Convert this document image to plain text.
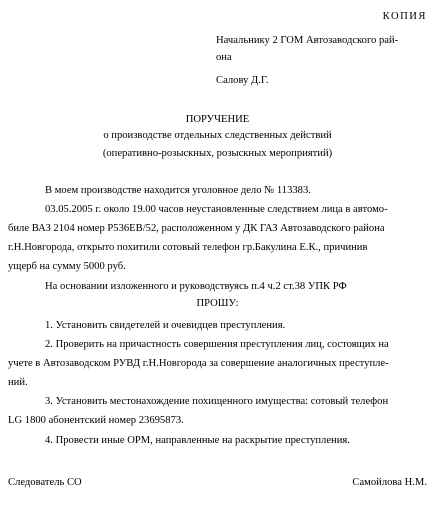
КОПИЯ
Начальнику 2 ГОМ Автозаводского рай-
она
Салову Д.Г.
ПОРУЧЕНИЕ
о производстве отдельных следственных действий
(оперативно-розыскных, розыскных мероприятий)
В моем производстве находится уголовное дело № 113383.
03.05.2005 г. около 19.00 часов неустановленные следствием лица в автомо-
биле ВАЗ 2104 номер Р536ЕВ/52, расположенном у ДК ГАЗ Автозаводского района
г.Н.Новгорода, открыто похитили сотовый телефон гр.Бакулина Е.К., причинив
ущерб на сумму 5000 руб.
На основании изложенного и руководствуясь п.4 ч.2 ст.38 УПК РФ
ПРОШУ:
1. Установить свидетелей и очевидцев преступления.
2. Проверить на причастность совершения преступления лиц, состоящих на
учете в Автозаводском РУВД г.Н.Новгорода за совершение аналогичных преступле-
ний.
3. Установить местонахождение похищенного имущества: сотовый телефон
LG 1800 абонентский номер 23695873.
4. Провести иные ОРМ, направленные на раскрытие преступления.
Следователь СО	Самойлова Н.М.
